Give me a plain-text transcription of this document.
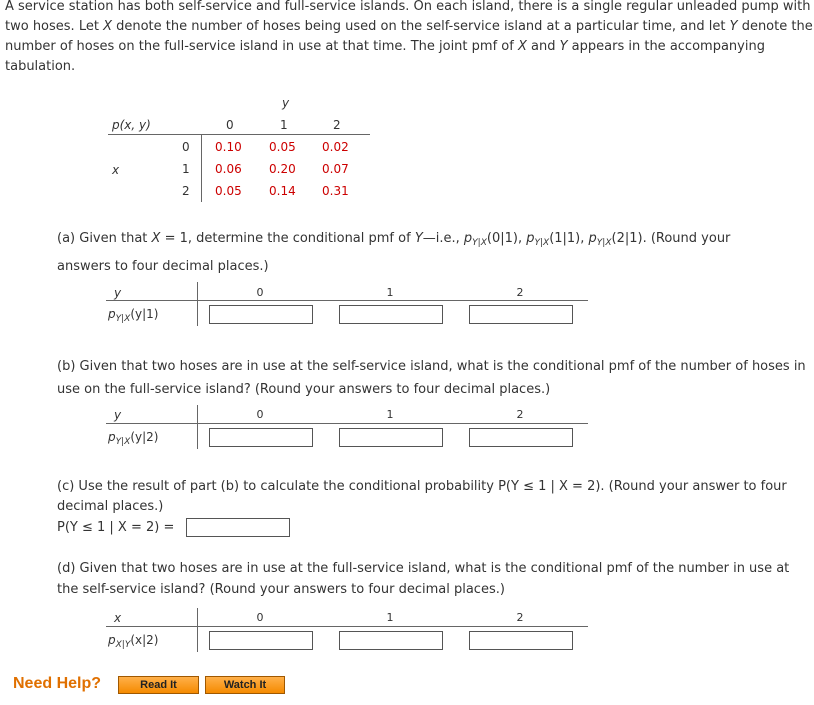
A service station has both self-service and full-service islands. On each island, there is a single regular unleaded pump with
two hoses. Let X denote the number of hoses being used on the self-service island at a particular time, and let Y denote the
number of hoses on the full-service island in use at that time. The joint pmf of X and Y appears in the accompanying
tabulation.
y
p(x, y)	0	1	2
x
0 0.10 0.05 0.02
1 0.06 0.20 0.07
2 0.05 0.14 0.31
(a) Given that X = 1, determine the conditional pmf of Y—i.e., $p_{Y|X}(0|1)$, $p_{Y|X}(1|1)$, $p_{Y|X}(2|1)$. (Round your
answers to four decimal places.)
y	0	1	2
$p_{Y|X}(y|1)$
(b) Given that two hoses are in use at the self-service island, what is the conditional pmf of the number of hoses in
use on the full-service island? (Round your answers to four decimal places.)
y	0	1	2
$p_{Y|X}(y|2)$
(c) Use the result of part (b) to calculate the conditional probability P(Y ≤ 1 | X = 2). (Round your answer to four
decimal places.)
P(Y ≤ 1 | X = 2) =
(d) Given that two hoses are in use at the full-service island, what is the conditional pmf of the number in use at
the self-service island? (Round your answers to four decimal places.)
x	0	1	2
$p_{X|Y}(x|2)$
Need Help?	Read It	Watch It
